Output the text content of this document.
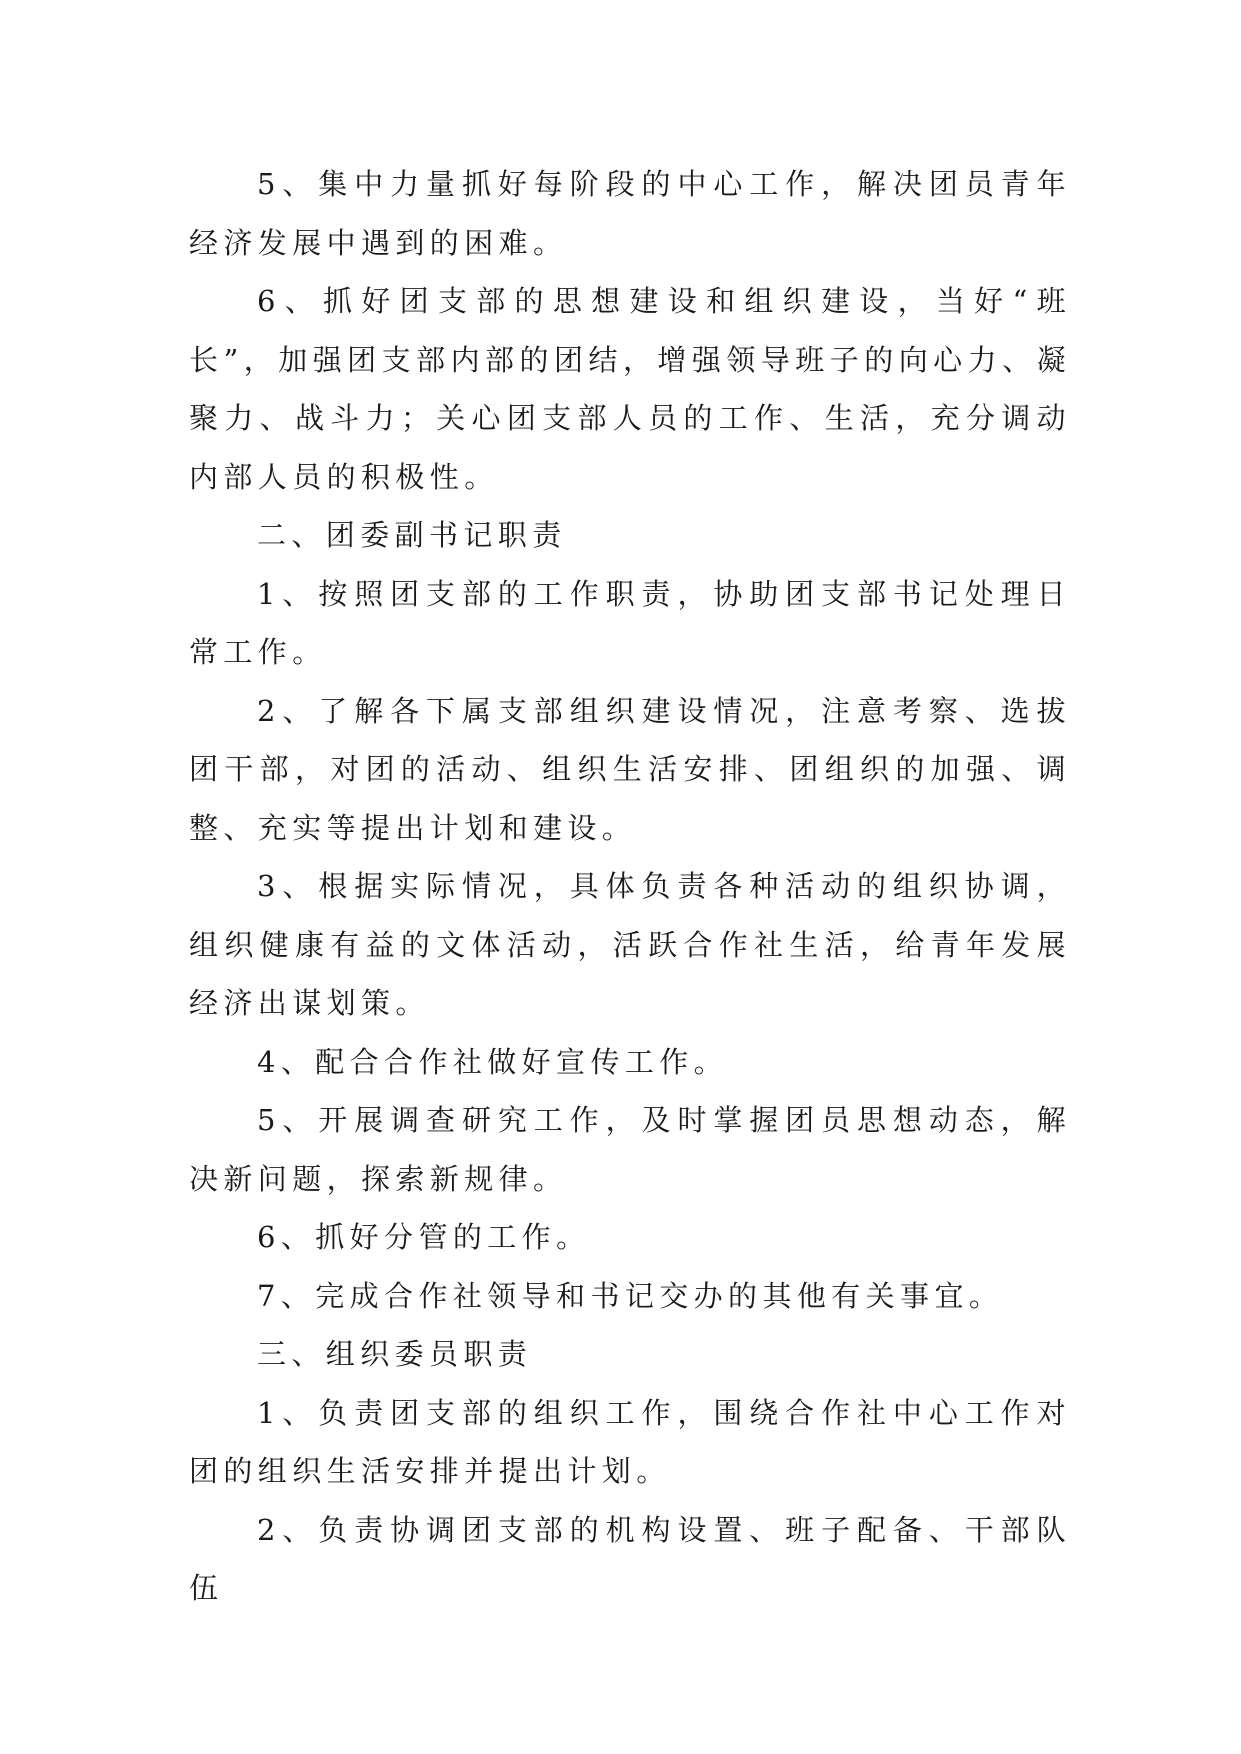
5、集中力量抓好每阶段的中心工作，解决团员青年经济发展中遇到的困难。

6、抓好团支部的思想建设和组织建设，当好“班长”，加强团支部内部的团结，增强领导班子的向心力、凝聚力、战斗力；关心团支部人员的工作、生活，充分调动内部人员的积极性。

二、团委副书记职责

1、按照团支部的工作职责，协助团支部书记处理日常工作。

2、了解各下属支部组织建设情况，注意考察、选拔团干部，对团的活动、组织生活安排、团组织的加强、调整、充实等提出计划和建设。

3、根据实际情况，具体负责各种活动的组织协调，组织健康有益的文体活动，活跃合作社生活，给青年发展经济出谋划策。

4、配合合作社做好宣传工作。

5、开展调查研究工作，及时掌握团员思想动态，解决新问题，探索新规律。

6、抓好分管的工作。

7、完成合作社领导和书记交办的其他有关事宜。

三、组织委员职责

1、负责团支部的组织工作，围绕合作社中心工作对团的组织生活安排并提出计划。

2、负责协调团支部的机构设置、班子配备、干部队伍
